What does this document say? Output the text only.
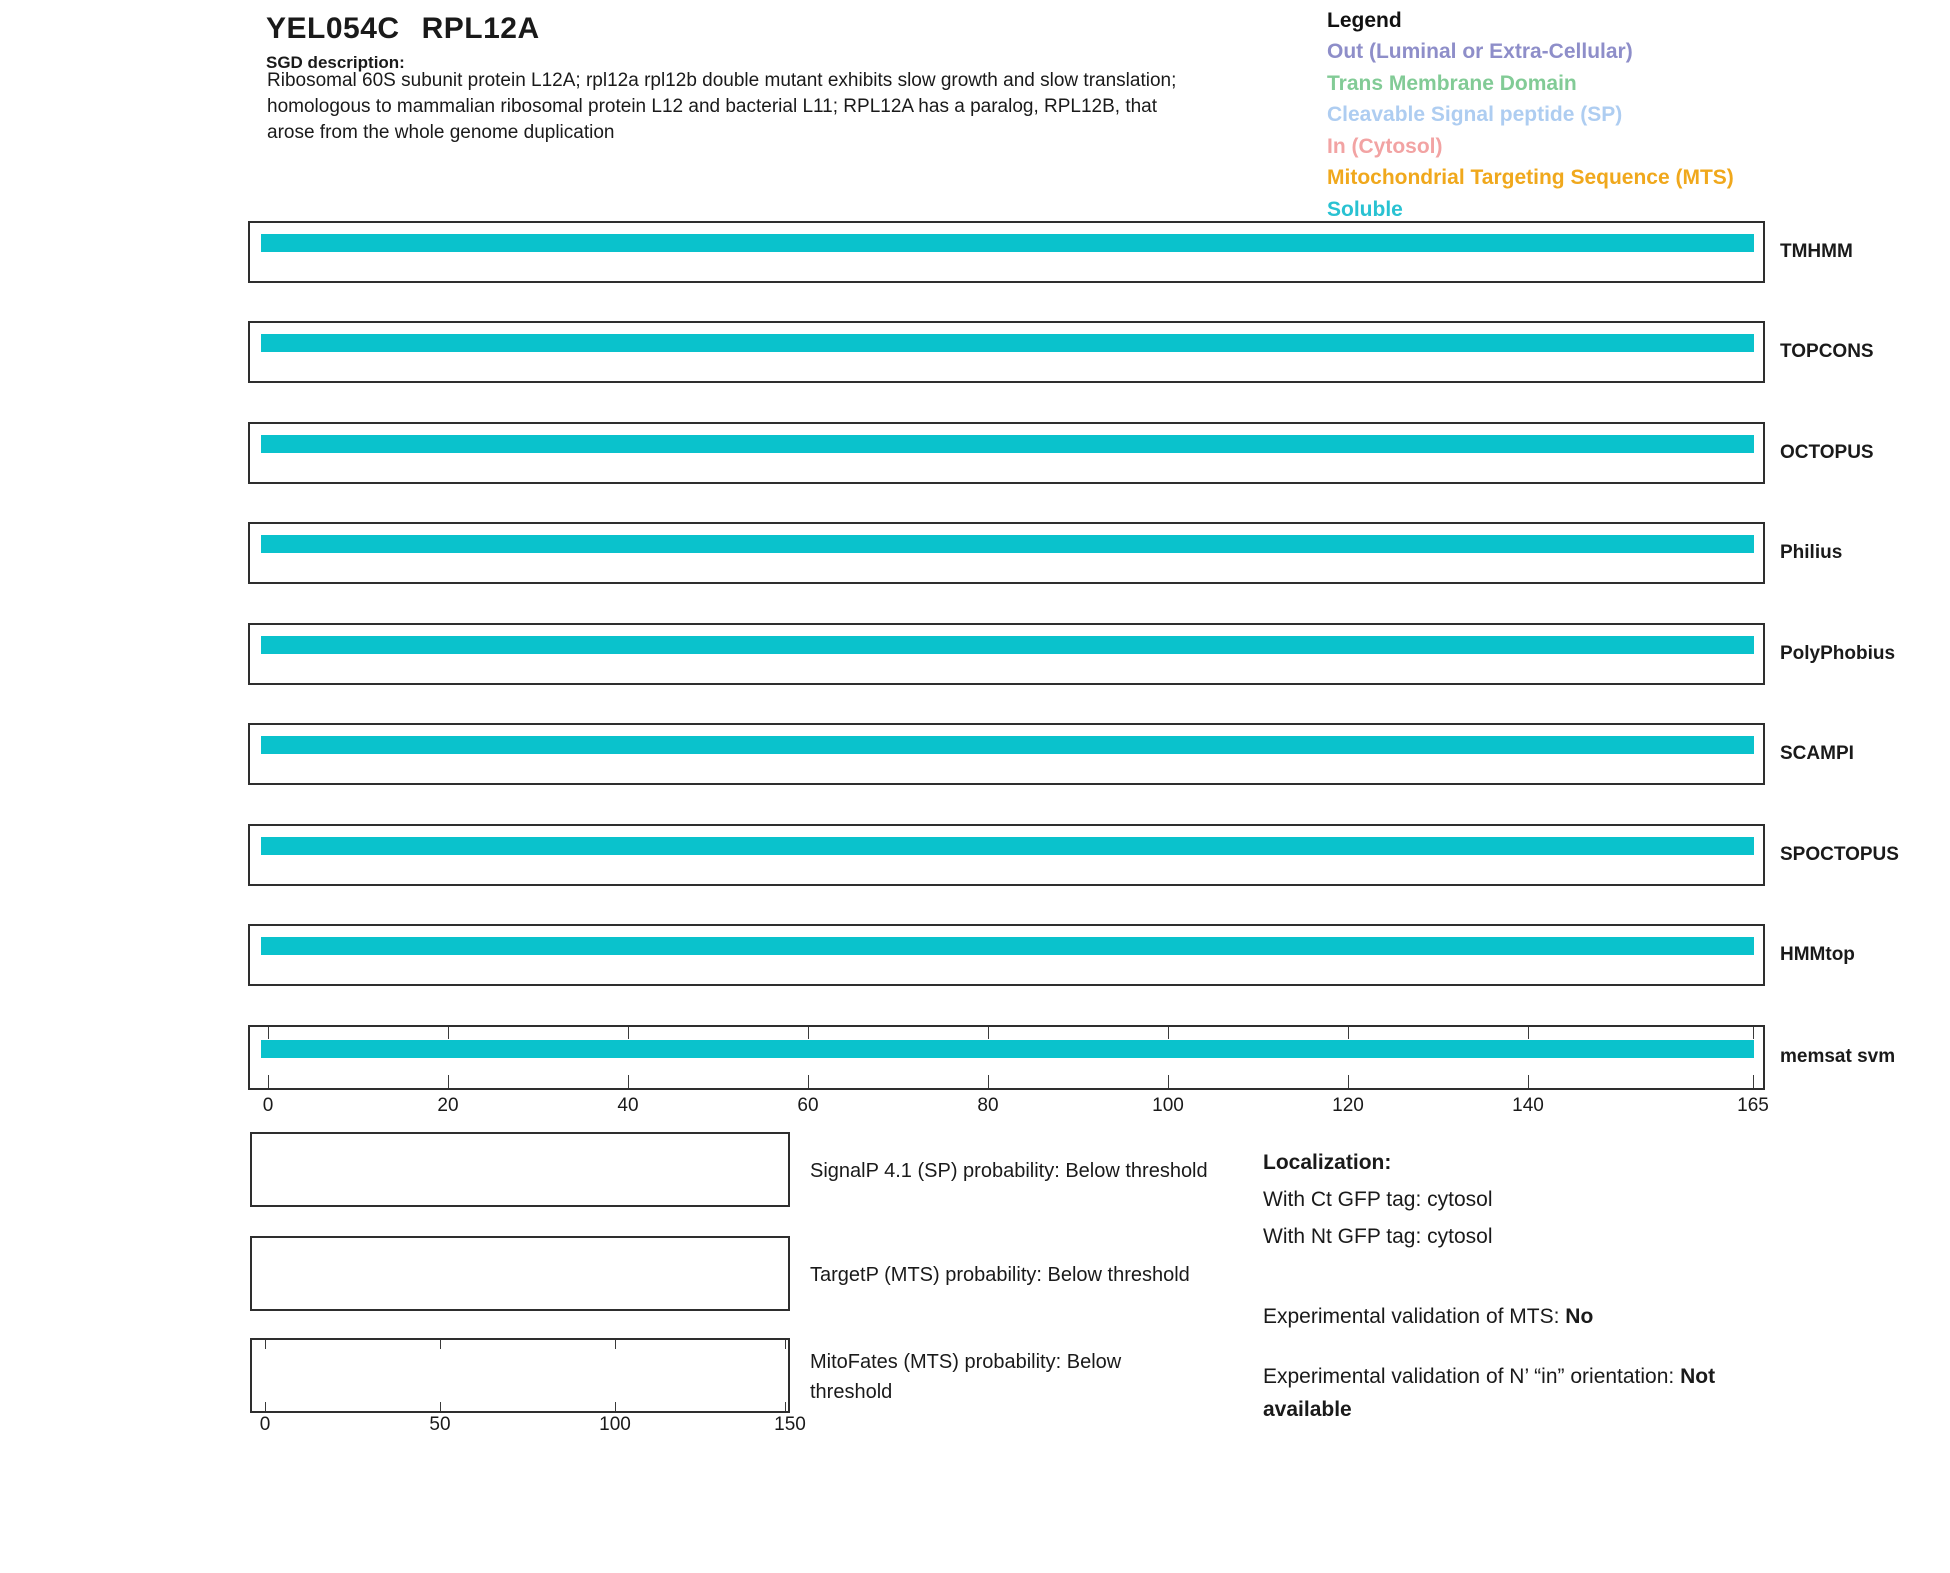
YEL054C RPL12A
SGD description:
Ribosomal 60S subunit protein L12A; rpl12a rpl12b double mutant exhibits slow growth and slow translation;
homologous to mammalian ribosomal protein L12 and bacterial L11; RPL12A has a paralog, RPL12B, that
arose from the whole genome duplication
Legend
Out (Luminal or Extra-Cellular)
Trans Membrane Domain
Cleavable Signal peptide (SP)
In (Cytosol)
Mitochondrial Targeting Sequence (MTS)
Soluble
TMHMM
TOPCONS
OCTOPUS
Philius
PolyPhobius
SCAMPI
SPOCTOPUS
HMMtop
memsat svm
0	20	40	60	80	100	120	140	165
SignalP 4.1 (SP) probability: Below threshold
TargetP (MTS) probability: Below threshold
MitoFates (MTS) probability: Below
threshold
0	50	100	150
Localization:
With Ct GFP tag: cytosol
With Nt GFP tag: cytosol
Experimental validation of MTS: No
Experimental validation of N’ “in” orientation: Not available
